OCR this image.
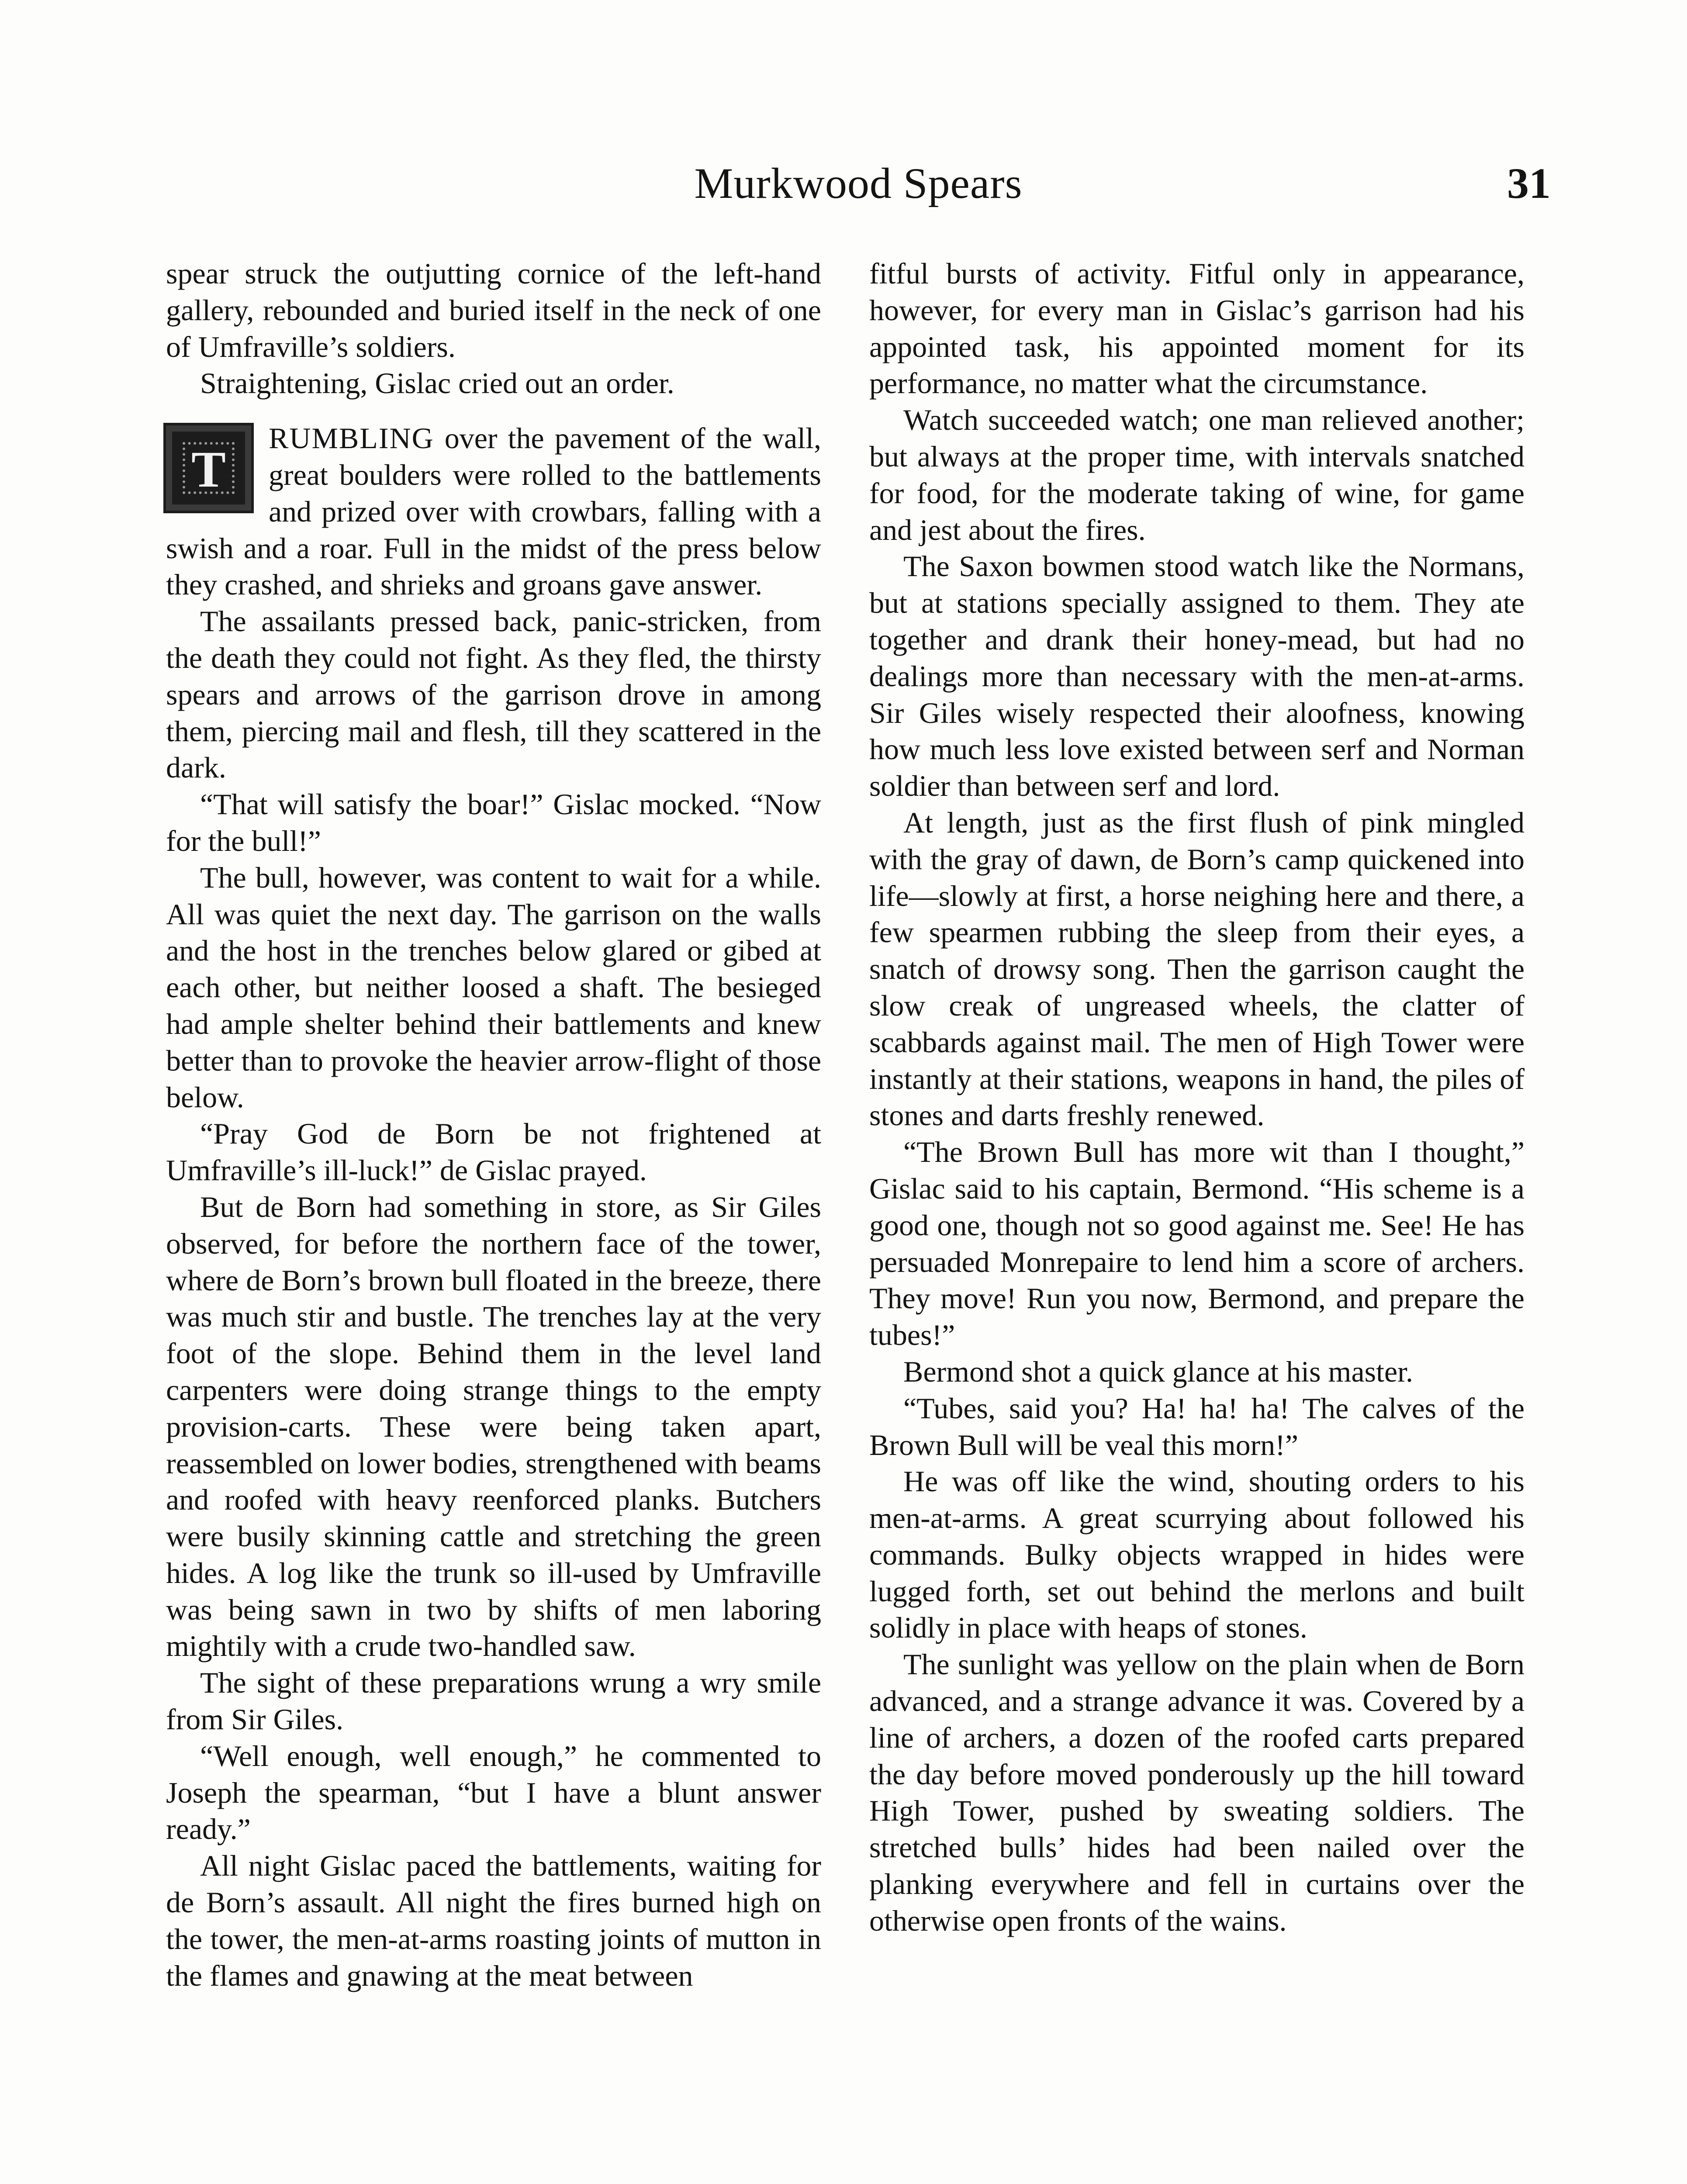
Murkwood Spears	31

spear struck the outjutting cornice of the left-hand gallery, rebounded and buried itself in the neck of one of Umfraville’s soldiers.

Straightening, Gislac cried out an order.

T
RUMBLING over the pavement of the wall, great boulders were rolled to the battlements and prized over with crowbars, falling with a swish and a roar. Full in the midst of the press below they crashed, and shrieks and groans gave answer.

The assailants pressed back, panic-stricken, from the death they could not fight. As they fled, the thirsty spears and arrows of the garrison drove in among them, piercing mail and flesh, till they scattered in the dark.

“That will satisfy the boar!” Gislac mocked. “Now for the bull!”

The bull, however, was content to wait for a while. All was quiet the next day. The garrison on the walls and the host in the trenches below glared or gibed at each other, but neither loosed a shaft. The besieged had ample shelter behind their battlements and knew better than to provoke the heavier arrow-flight of those below.

“Pray God de Born be not frightened at Umfraville’s ill-luck!” de Gislac prayed.

But de Born had something in store, as Sir Giles observed, for before the northern face of the tower, where de Born’s brown bull floated in the breeze, there was much stir and bustle. The trenches lay at the very foot of the slope. Behind them in the level land carpenters were doing strange things to the empty provision-carts. These were being taken apart, reassembled on lower bodies, strengthened with beams and roofed with heavy reenforced planks. Butchers were busily skinning cattle and stretching the green hides. A log like the trunk so ill-used by Umfraville was being sawn in two by shifts of men laboring mightily with a crude two-handled saw.

The sight of these preparations wrung a wry smile from Sir Giles.

“Well enough, well enough,” he commented to Joseph the spearman, “but I have a blunt answer ready.”

All night Gislac paced the battlements, waiting for de Born’s assault. All night the fires burned high on the tower, the men-at-arms roasting joints of mutton in the flames and gnawing at the meat between

fitful bursts of activity. Fitful only in appearance, however, for every man in Gislac’s garrison had his appointed task, his appointed moment for its performance, no matter what the circumstance.

Watch succeeded watch; one man relieved another; but always at the proper time, with intervals snatched for food, for the moderate taking of wine, for game and jest about the fires.

The Saxon bowmen stood watch like the Normans, but at stations specially assigned to them. They ate together and drank their honey-mead, but had no dealings more than necessary with the men-at-arms. Sir Giles wisely respected their aloofness, knowing how much less love existed between serf and Norman soldier than between serf and lord.

At length, just as the first flush of pink mingled with the gray of dawn, de Born’s camp quickened into life—slowly at first, a horse neighing here and there, a few spearmen rubbing the sleep from their eyes, a snatch of drowsy song. Then the garrison caught the slow creak of ungreased wheels, the clatter of scabbards against mail. The men of High Tower were instantly at their stations, weapons in hand, the piles of stones and darts freshly renewed.

“The Brown Bull has more wit than I thought,” Gislac said to his captain, Bermond. “His scheme is a good one, though not so good against me. See! He has persuaded Monrepaire to lend him a score of archers. They move! Run you now, Bermond, and prepare the tubes!”

Bermond shot a quick glance at his master.

“Tubes, said you? Ha! ha! ha! The calves of the Brown Bull will be veal this morn!”

He was off like the wind, shouting orders to his men-at-arms. A great scurrying about followed his commands. Bulky objects wrapped in hides were lugged forth, set out behind the merlons and built solidly in place with heaps of stones.

The sunlight was yellow on the plain when de Born advanced, and a strange advance it was. Covered by a line of archers, a dozen of the roofed carts prepared the day before moved ponderously up the hill toward High Tower, pushed by sweating soldiers. The stretched bulls’ hides had been nailed over the planking everywhere and fell in curtains over the otherwise open fronts of the wains.
